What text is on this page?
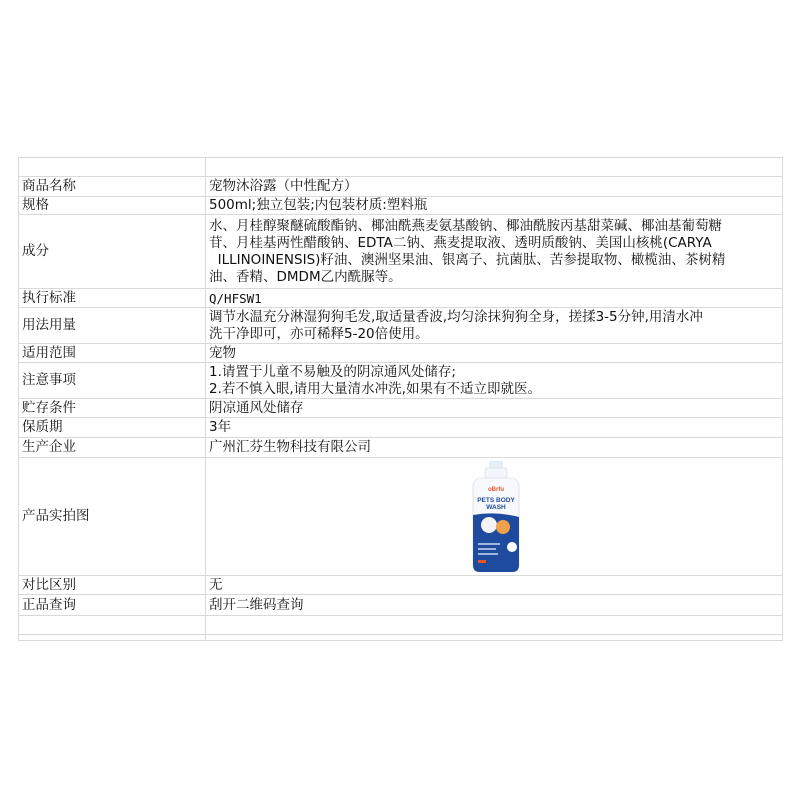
商品名称	宠物沐浴露（中性配方）

规格	500ml;独立包装;内包装材质:塑料瓶

成分	水、月桂醇聚醚硫酸酯钠、椰油酰燕麦氨基酸钠、椰油酰胺丙基甜菜碱、椰油基葡萄糖
苷、月桂基两性醋酸钠、EDTA二钠、燕麦提取液、透明质酸钠、美国山核桃(CARYA
ILLINOINENSIS)籽油、澳洲坚果油、银离子、抗菌肽、苦参提取物、橄榄油、茶树精
油、香精、DMDM乙内酰脲等。

执行标准	Q/HFSW1

用法用量	调节水温充分淋湿狗狗毛发,取适量香波,均匀涂抹狗狗全身，搓揉3-5分钟,用清水冲
洗干净即可，亦可稀释5-20倍使用。

适用范围	宠物

注意事项	1.请置于儿童不易触及的阴凉通风处储存;
2.若不慎入眼,请用大量清水冲洗,如果有不适立即就医。

贮存条件	阴凉通风处储存

保质期	3年

生产企业	广州汇芬生物科技有限公司

产品实拍图	oBrfu
PETS BODY
WASH

对比区别	无

正品查询	刮开二维码查询
